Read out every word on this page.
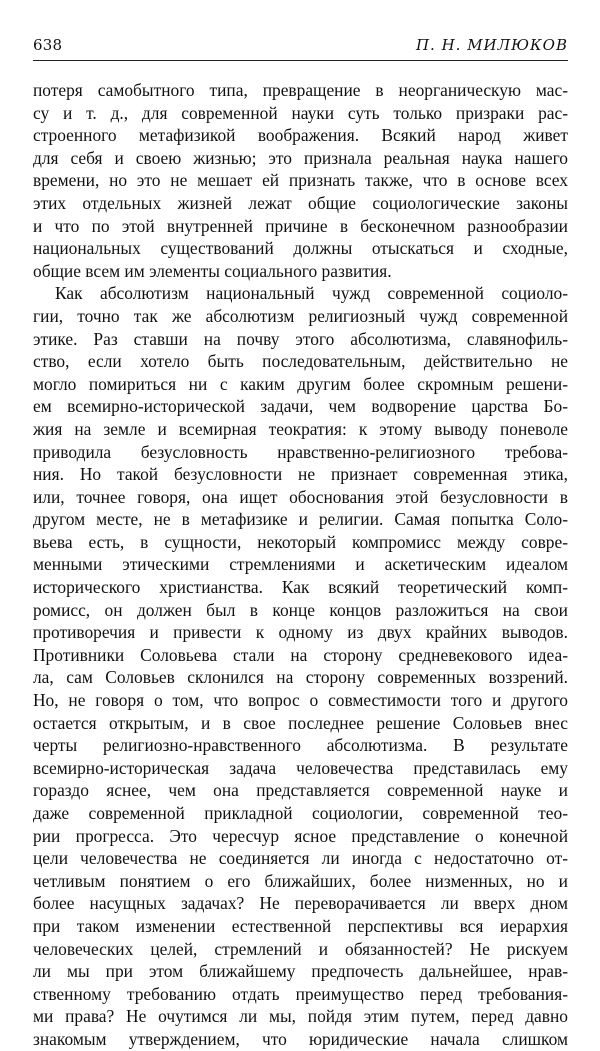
638	П. Н. МИЛЮКОВ

потеря самобытного типа, превращение в неорганическую мас-

су и т. д., для современной науки суть только призраки рас-

строенного метафизикой воображения. Всякий народ живет

для себя и своею жизнью; это признала реальная наука нашего

времени, но это не мешает ей признать также, что в основе всех

этих отдельных жизней лежат общие социологические законы

и что по этой внутренней причине в бесконечном разнообразии

национальных существований должны отыскаться и сходные,

общие всем им элементы социального развития.

Как абсолютизм национальный чужд современной социоло-

гии, точно так же абсолютизм религиозный чужд современной

этике. Раз ставши на почву этого абсолютизма, славянофиль-

ство, если хотело быть последовательным, действительно не

могло помириться ни с каким другим более скромным решени-

ем всемирно-исторической задачи, чем водворение царства Бо-

жия на земле и всемирная теократия: к этому выводу поневоле

приводила безусловность нравственно-религиозного требова-

ния. Но такой безусловности не признает современная этика,

или, точнее говоря, она ищет обоснования этой безусловности в

другом месте, не в метафизике и религии. Самая попытка Соло-

вьева есть, в сущности, некоторый компромисс между совре-

менными этическими стремлениями и аскетическим идеалом

исторического христианства. Как всякий теоретический комп-

ромисс, он должен был в конце концов разложиться на свои

противоречия и привести к одному из двух крайних выводов.

Противники Соловьева стали на сторону средневекового идеа-

ла, сам Соловьев склонился на сторону современных воззрений.

Но, не говоря о том, что вопрос о совместимости того и другого

остается открытым, и в свое последнее решение Соловьев внес

черты религиозно-нравственного абсолютизма. В результате

всемирно-историческая задача человечества представилась ему

гораздо яснее, чем она представляется современной науке и

даже современной прикладной социологии, современной тео-

рии прогресса. Это чересчур ясное представление о конечной

цели человечества не соединяется ли иногда с недостаточно от-

четливым понятием о его ближайших, более низменных, но и

более насущных задачах? Не переворачивается ли вверх дном

при таком изменении естественной перспективы вся иерархия

человеческих целей, стремлений и обязанностей? Не рискуем

ли мы при этом ближайшему предпочесть дальнейшее, нрав-

ственному требованию отдать преимущество перед требования-

ми права? Не очутимся ли мы, пойдя этим путем, перед давно

знакомым утверждением, что юридические начала слишком
